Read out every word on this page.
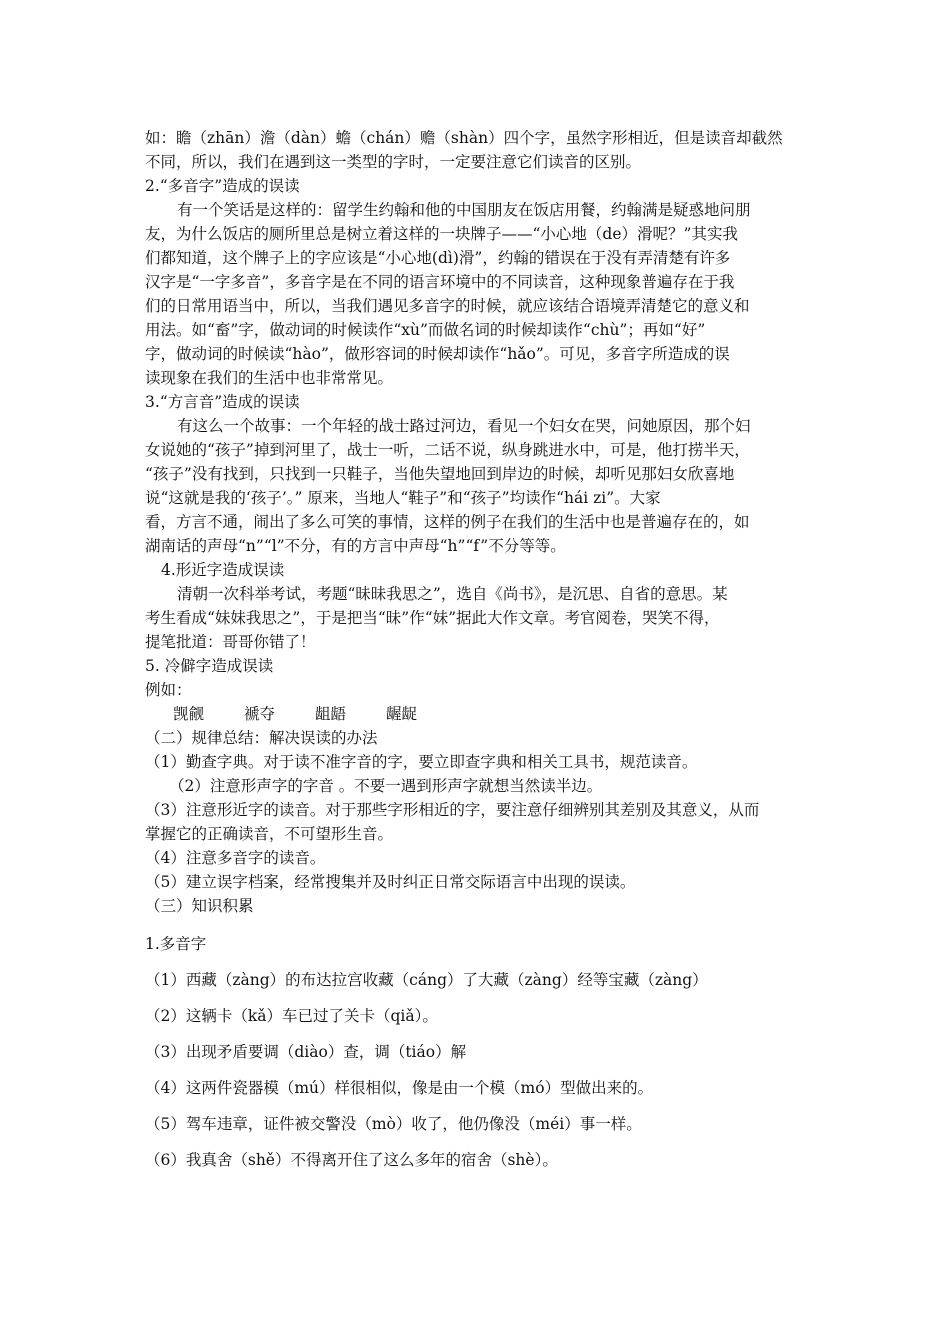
如：瞻（zhān）澹（dàn）蟾（chán）赡（shàn）四个字，虽然字形相近，但是读音却截然
不同，所以，我们在遇到这一类型的字时，一定要注意它们读音的区别。
2.“多音字”造成的误读
有一个笑话是这样的：留学生约翰和他的中国朋友在饭店用餐，约翰满是疑惑地问朋
友，为什么饭店的厕所里总是树立着这样的一块牌子——“小心地（de）滑呢？”其实我
们都知道，这个牌子上的字应该是“小心地(dì)滑”，约翰的错误在于没有弄清楚有许多
汉字是“一字多音”，多音字是在不同的语言环境中的不同读音，这种现象普遍存在于我
们的日常用语当中，所以，当我们遇见多音字的时候，就应该结合语境弄清楚它的意义和
用法。如“畜”字，做动词的时候读作“xù”而做名词的时候却读作“chù”；再如“好”
字，做动词的时候读“hào”，做形容词的时候却读作“hǎo”。可见，多音字所造成的误
读现象在我们的生活中也非常常见。
3.“方言音”造成的误读
有这么一个故事：一个年轻的战士路过河边，看见一个妇女在哭，问她原因，那个妇
女说她的“孩子”掉到河里了，战士一听，二话不说，纵身跳进水中，可是，他打捞半天，
“孩子”没有找到，只找到一只鞋子，当他失望地回到岸边的时候，却听见那妇女欣喜地
说“这就是我的‘孩子’。” 原来，当地人“鞋子”和“孩子”均读作“hái zi”。大家
看，方言不通，闹出了多么可笑的事情，这样的例子在我们的生活中也是普遍存在的，如
湖南话的声母“n”“l”不分，有的方言中声母“h”“f”不分等等。
4.形近字造成误读
清朝一次科举考试，考题“昧昧我思之”，选自《尚书》，是沉思、自省的意思。某
考生看成“妹妹我思之”，于是把当“昧”作“妹”据此大作文章。考官阅卷，哭笑不得，
提笔批道：哥哥你错了！
5. 冷僻字造成误读
例如：
觊觎	褫夺	龃龉	龌龊
（二）规律总结：解决误读的办法
（1）勤查字典。对于读不准字音的字，要立即查字典和相关工具书，规范读音。
（2）注意形声字的字音 。不要一遇到形声字就想当然读半边。
（3）注意形近字的读音。对于那些字形相近的字，要注意仔细辨别其差别及其意义，从而
掌握它的正确读音，不可望形生音。
（4）注意多音字的读音。
（5）建立误字档案，经常搜集并及时纠正日常交际语言中出现的误读。
（三）知识积累
1.多音字
（1）西藏（zàng）的布达拉宫收藏（cáng）了大藏（zàng）经等宝藏（zàng）
（2）这辆卡（kǎ）车已过了关卡（qiǎ）。
（3）出现矛盾要调（diào）查，调（tiáo）解
（4）这两件瓷器模（mú）样很相似，像是由一个模（mó）型做出来的。
（5）驾车违章，证件被交警没（mò）收了，他仍像没（méi）事一样。
（6）我真舍（shě）不得离开住了这么多年的宿舍（shè）。
